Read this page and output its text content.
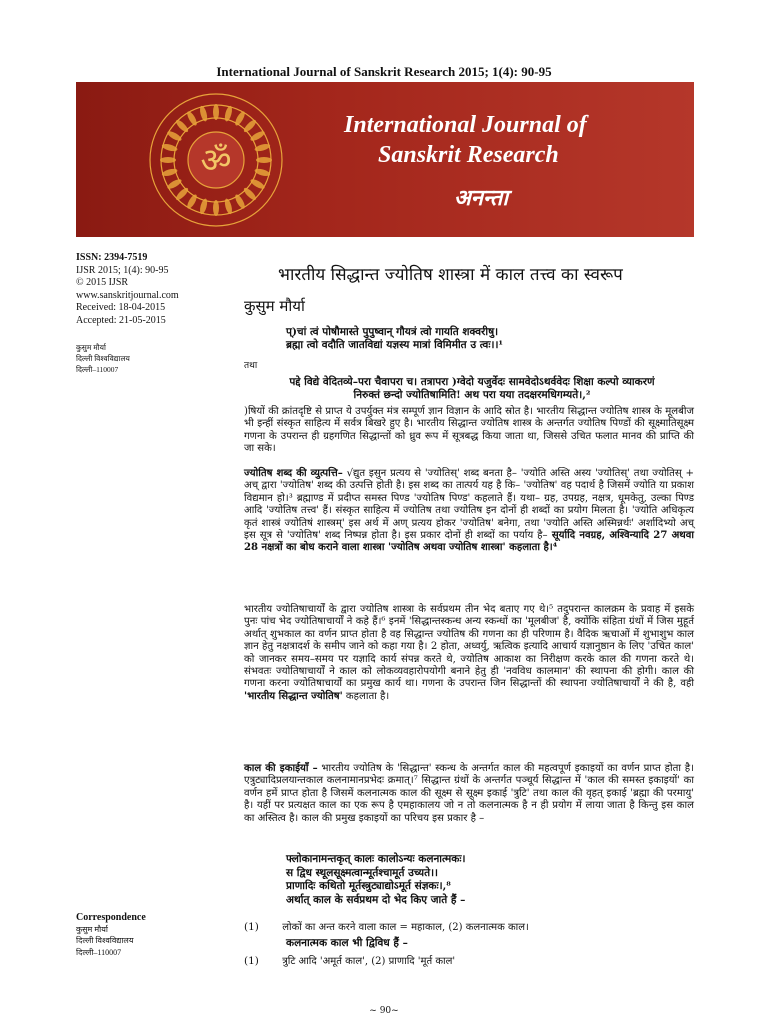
International Journal of Sanskrit Research 2015; 1(4): 90-95
ॐ
International Journal of
Sanskrit Research
अनन्ता
ISSN: 2394-7519
IJSR 2015; 1(4): 90-95
© 2015 IJSR
www.sanskritjournal.com
Received: 18-04-2015
Accepted: 21-05-2015
कुसुम मौर्या
दिल्ली विश्वविद्यालय
दिल्ली–110007
Correspondence
कुसुम मौर्या
दिल्ली विश्वविद्यालय
दिल्ली–110007
भारतीय सिद्धान्त ज्योतिष शास्त्रा में काल तत्त्व का स्वरूप
कुसुम मौर्या
प्)चां त्वं पोषौमास्ते पुपुष्वान् गौयत्रं त्वो गायति शक्वरीषु।
ब्रह्मा त्वो वदौति जातविद्यां यज्ञस्य मात्रां विमिमीत उ त्वः।।¹
तथा
पद्दे विद्ये वेदितव्ये–परा चैवापरा च। तत्रापरा )ग्वेदो यजुर्वेदः सामवेदोऽथर्ववेदः शिक्षा कल्पो व्याकरणं
निरुक्तं छन्दो ज्योतिषामिति! अथ परा यया तदक्षरमधिगम्यते।,²
)षियों की क्रांतदृष्टि से प्राप्त ये उपर्युक्त मंत्र सम्पूर्ण ज्ञान विज्ञान के आदि स्रोत है। भारतीय सिद्धान्त ज्योतिष शास्त्र के मूलबीज भी इन्हीं संस्कृत साहित्य में सर्वत्र बिखरे हुए है। भारतीय सिद्धान्त ज्योतिष शास्त्र के अन्तर्गत ज्योतिष पिण्डों की सूक्ष्मातिसूक्ष्म गणना के उपरान्त ही ग्रहगणित सिद्धान्तों को ध्रुव रूप में सूत्रबद्ध किया जाता था, जिससे उचित फलात मानव की प्राप्ति की जा सके।
ज्योतिष शब्द की व्युत्पत्ति– √द्युत इसुन प्रत्यय से 'ज्योतिस्' शब्द बनता है– 'ज्योति अस्ति अस्य 'ज्योतिस्' तथा ज्योतिस् + अच् द्वारा 'ज्योतिष' शब्द की उत्पत्ति होती है। इस शब्द का तात्पर्य यह है कि– 'ज्योतिष' वह पदार्थ है जिसमें ज्योति या प्रकाश विद्यमान हो।³ ब्रह्माण्ड में प्रदीप्त समस्त पिण्ड 'ज्योतिष पिण्ड' कहलाते हैं। यथा– ग्रह, उपग्रह, नक्षत्र, धूमकेतु, उल्का पिण्ड आदि 'ज्योतिष तत्त्व' हैं। संस्कृत साहित्य में ज्योतिष तथा ज्योतिष इन दोनों ही शब्दों का प्रयोग मिलता है। 'ज्योति अधिकृत्य कृतं शास्त्रं ज्योतिषं शास्त्रम्' इस अर्थ में अण् प्रत्यय होकर 'ज्योतिष' बनेगा, तथा 'ज्योति अस्ति अस्मिन्नर्थः' अर्शादिभ्यो अच् इस सूत्र से 'ज्योतिष' शब्द निष्पन्न होता है। इस प्रकार दोनों ही शब्दों का पर्याय है– सूर्यादि नवग्रह, अश्विन्यादि 27 अथवा 28 नक्षत्रों का बोध कराने वाला शास्त्रा 'ज्योतिष अथवा ज्योतिष शास्त्रा' कहलाता है।⁴
भारतीय ज्योतिषाचार्यों के द्वारा ज्योतिष शास्त्रा के सर्वप्रथम तीन भेद बताए गए थे।⁵ तदुपरान्त कालक्रम के प्रवाह में इसके पुनः पांच भेद ज्योतिषाचार्यों ने कहे हैं।⁶ इनमें 'सिद्धान्तस्कन्ध अन्य स्कन्धों का 'मूलबीज' है, क्योंकि संहिता ग्रंथों में जिस मुहूर्त अर्थात् शुभकाल का वर्णन प्राप्त होता है वह सिद्धान्त ज्योतिष की गणना का ही परिणाम है। वैदिक ऋचाओं में शुभाशुभ काल ज्ञान हेतु नक्षत्रादर्श के समीप जाने को कहा गया है। 2 होता, अध्वर्यु, ऋत्विक इत्यादि आचार्य यज्ञानुष्ठान के लिए 'उचित काल' को जानकर समय–समय पर यज्ञादि कार्य संपन्न करते थे, ज्योतिष आकाश का निरीक्षण करके काल की गणना करते थे। संभवतः ज्योतिषाचार्यों ने काल को लोकव्यवहारोपयोगी बनाने हेतु ही 'नवविध कालमान' की स्थापना की होगी। काल की गणना करना ज्योतिषाचार्यों का प्रमुख कार्य था। गणना के उपरान्त जिन सिद्धान्तों की स्थापना ज्योतिषाचार्यों ने की है, वही 'भारतीय सिद्धान्त ज्योतिष' कहलाता है।
काल की इकाईयाँ – भारतीय ज्योतिष के 'सिद्धान्त' स्कन्ध के अन्तर्गत काल की महत्वपूर्ण इकाइयों का वर्णन प्राप्त होता है। एत्रुट्यादिप्रलयान्तकाल कलनामानप्रभेदः क्रमात्।⁷ सिद्धान्त ग्रंथों के अन्तर्गत पञ्चूर्य सिद्धान्त में 'काल की समस्त इकाइयों' का वर्णन हमें प्राप्त होता है जिसमें कलनात्मक काल की सूक्ष्म से सूक्ष्म इकाई 'त्रुटि' तथा काल की वृहत् इकाई 'ब्रह्मा की परमायु' है। यहीं पर प्रत्यक्षत काल का एक रूप है एमहाकालय जो न तो कलनात्मक है न ही प्रयोग में लाया जाता है किन्तु इस काल का अस्तित्व है। काल की प्रमुख इकाइयों का परिचय इस प्रकार है –
फ्लोकानामन्तकृत् कालः कालोऽन्यः कलनात्मकः।
स द्विध स्थूलसूक्ष्मत्वान्मूर्तश्चामूर्त उच्यते।।
प्राणादिः कथितो मूर्तस्त्रुट्याद्योऽमूर्त संज्ञकः।,⁸
अर्थात् काल के सर्वप्रथम दो भेद किए जाते हैं –
(1) लोकों का अन्त करने वाला काल = महाकाल, (2) कलनात्मक काल।
कलनात्मक काल भी द्विविध हैं –
(1) त्रुटि आदि 'अमूर्त काल', (2) प्राणादि 'मूर्त काल'
~ 90~
